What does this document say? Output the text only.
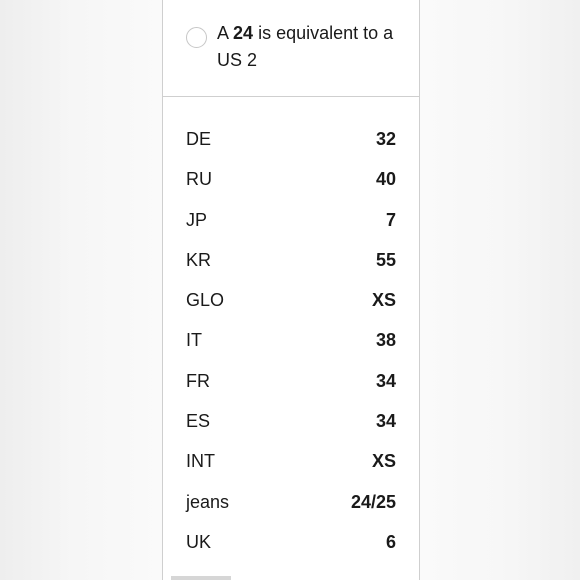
A 24 is equivalent to a US 2
DE	32
RU	40
JP	7
KR	55
GLO	XS
IT	38
FR	34
ES	34
INT	XS
jeans	24/25
UK	6
